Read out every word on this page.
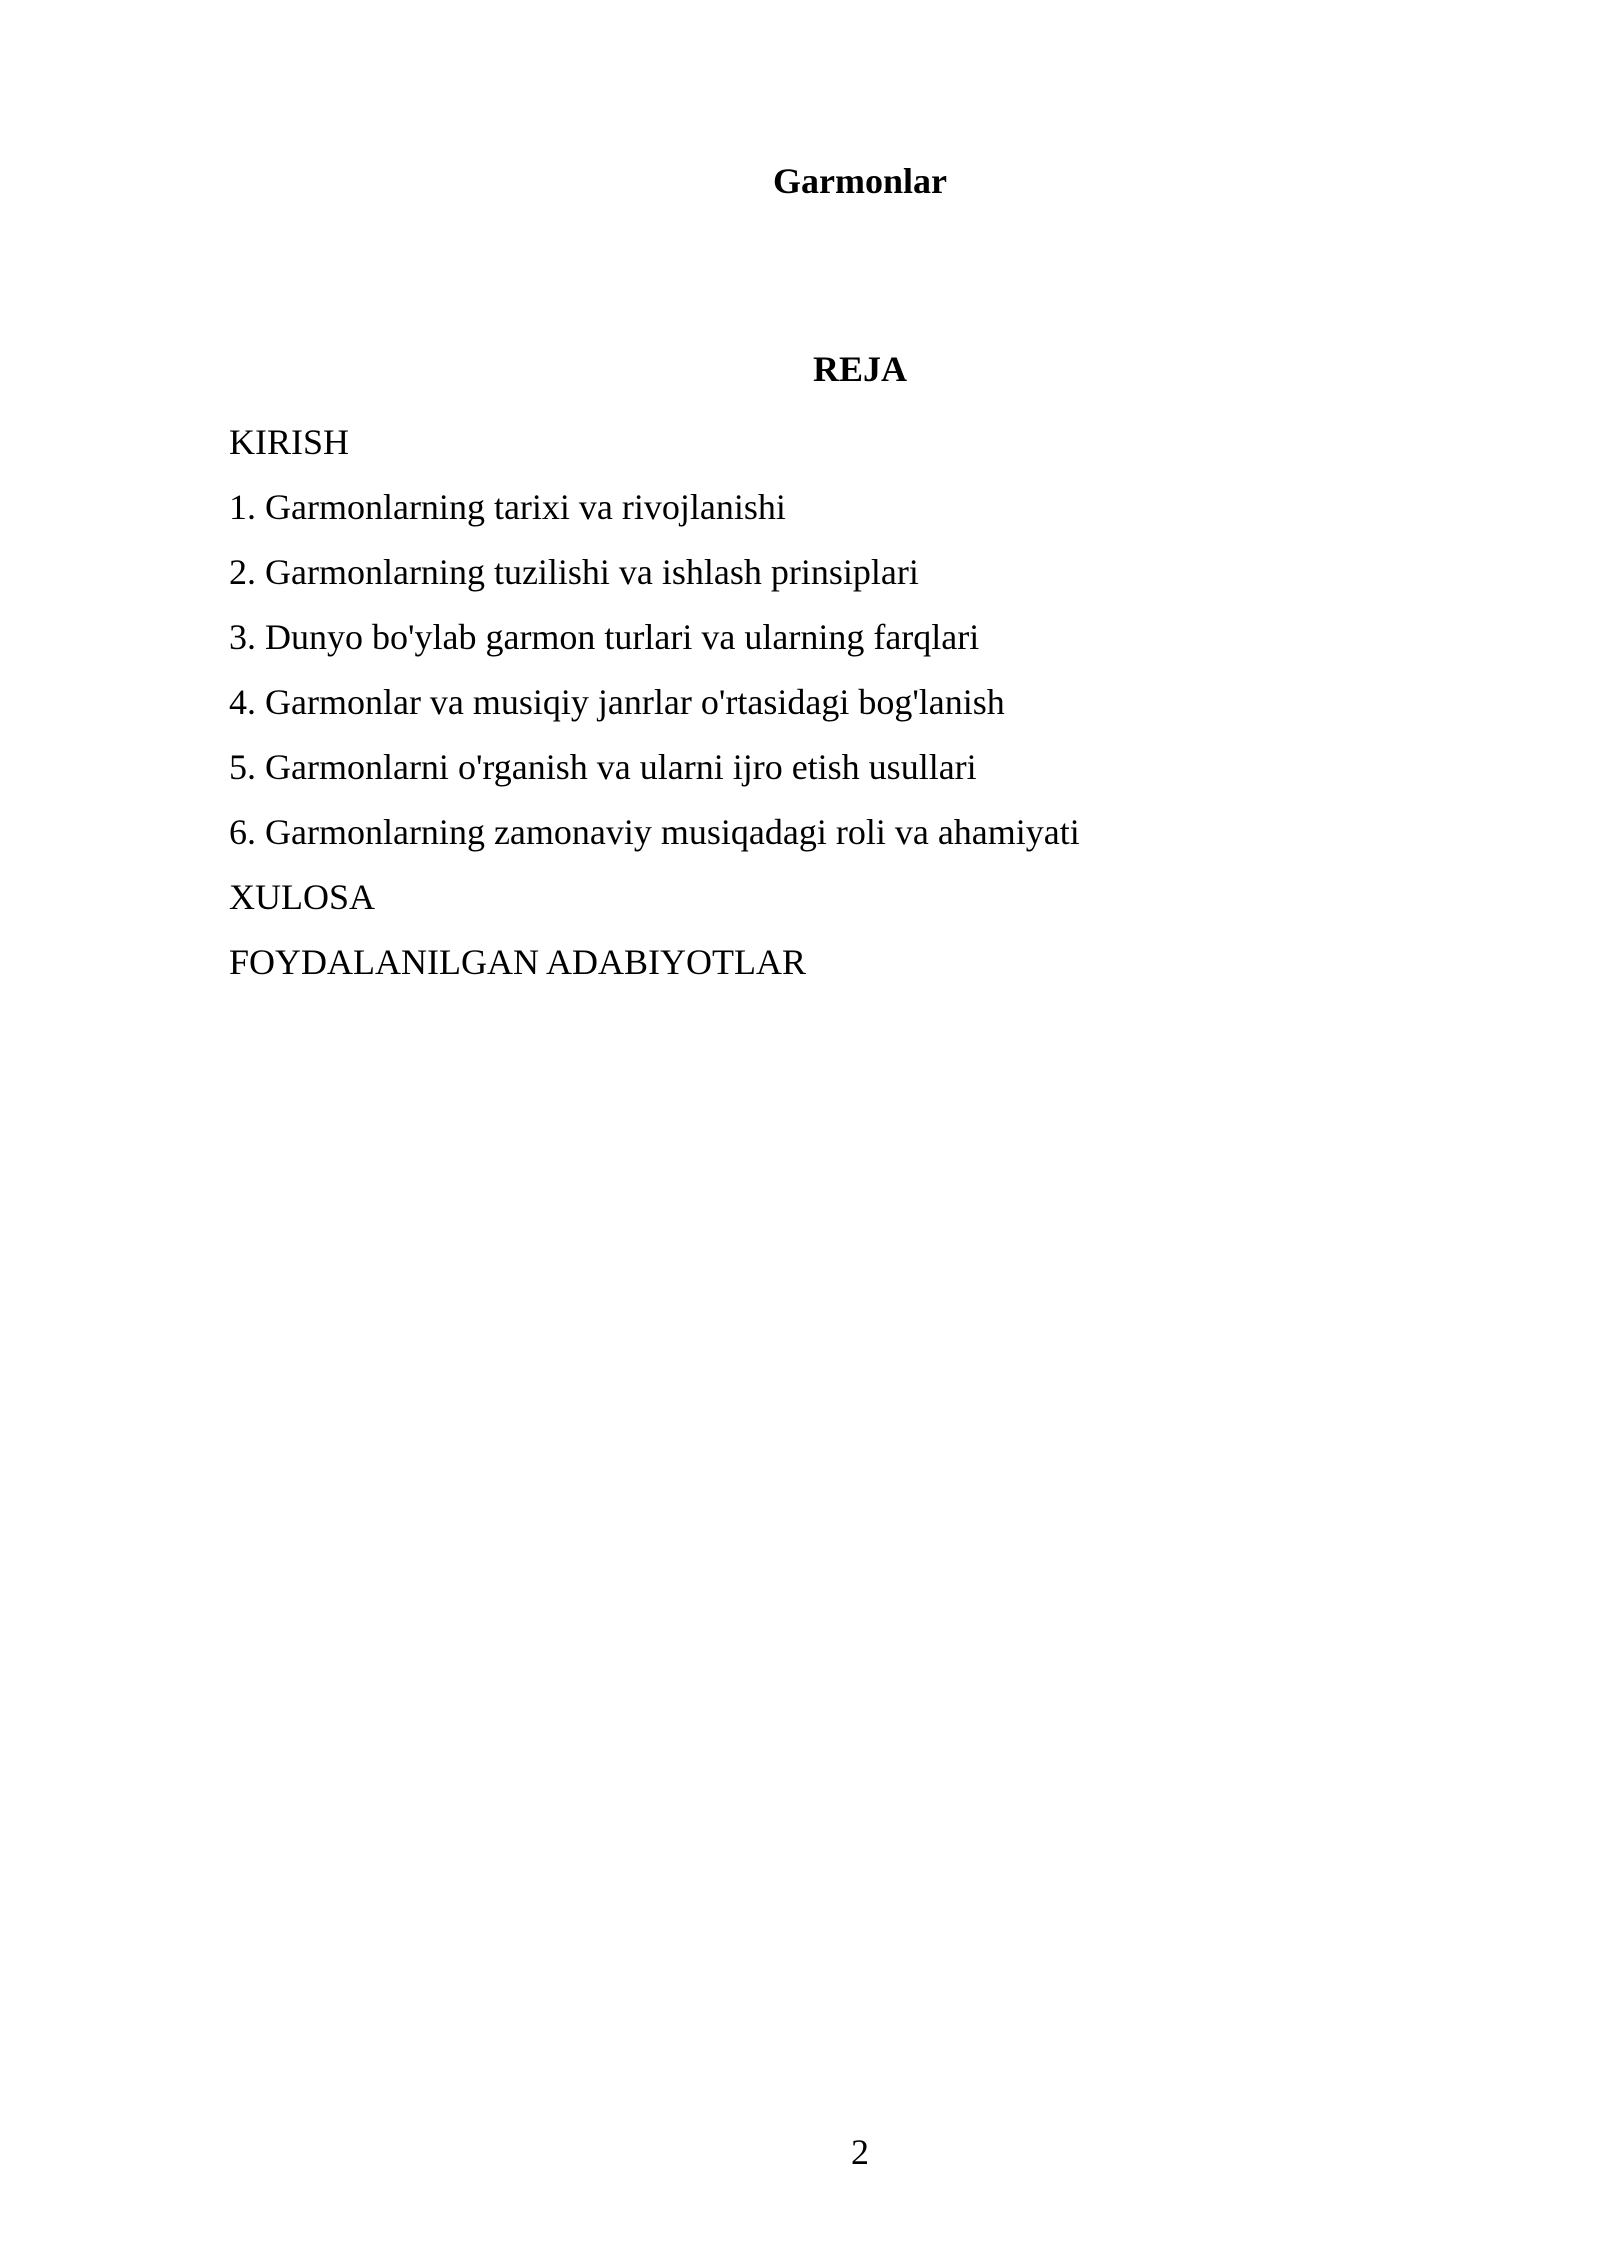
Garmonlar
REJA
KIRISH
1. Garmonlarning tarixi va rivojlanishi
2. Garmonlarning tuzilishi va ishlash prinsiplari
3. Dunyo bo'ylab garmon turlari va ularning farqlari
4. Garmonlar va musiqiy janrlar o'rtasidagi bog'lanish
5. Garmonlarni o'rganish va ularni ijro etish usullari
6. Garmonlarning zamonaviy musiqadagi roli va ahamiyati
XULOSA
FOYDALANILGAN ADABIYOTLAR
2
